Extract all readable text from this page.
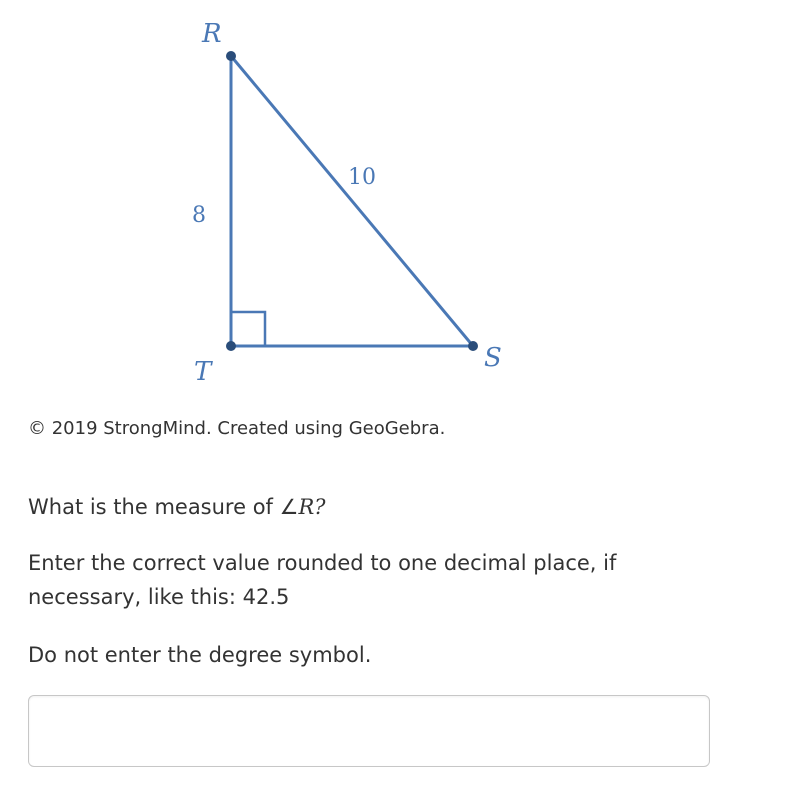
R
T	S
8
10

© 2019 StrongMind. Created using GeoGebra.

What is the measure of ∠R?

Enter the correct value rounded to one decimal place, if necessary, like this: 42.5

Do not enter the degree symbol.
